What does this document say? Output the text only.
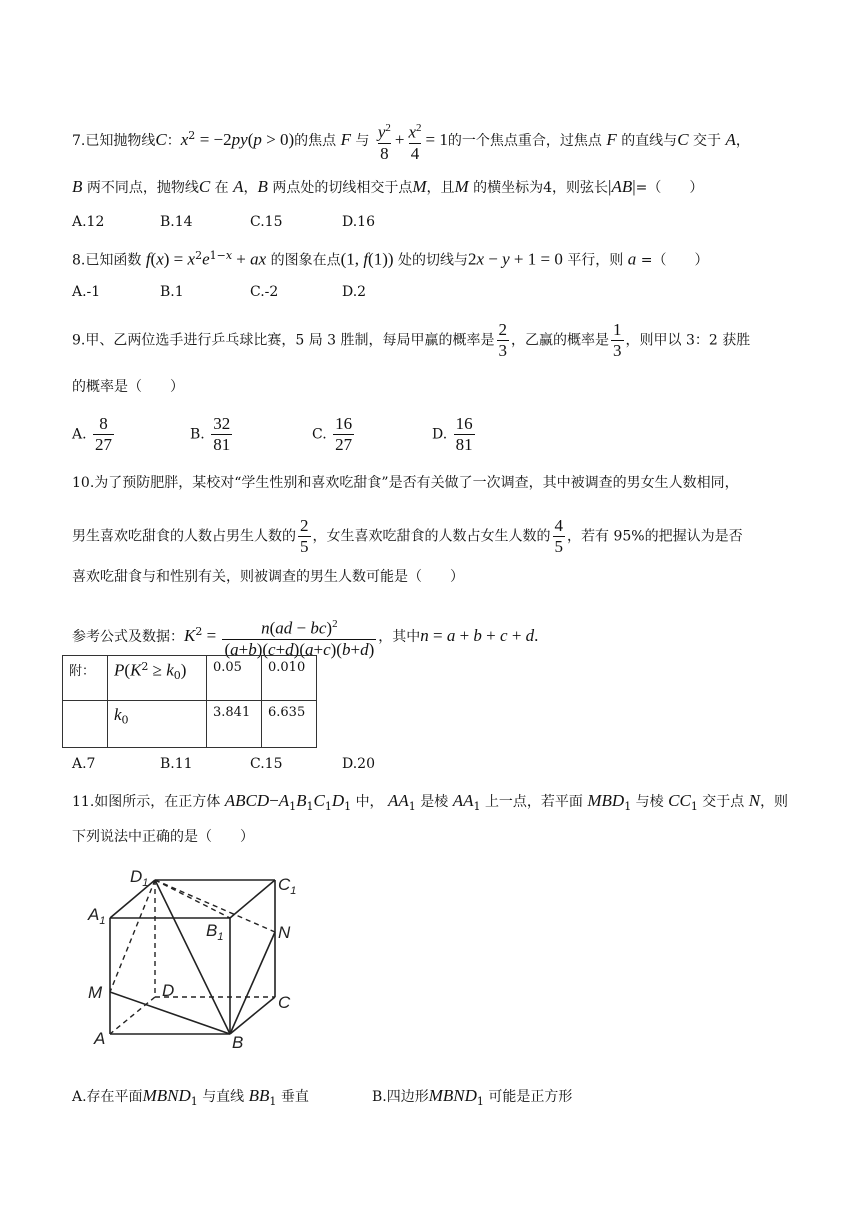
7.已知抛物线C：$x^2 = -2py(p > 0)$的焦点 F 与 $\frac{y^2}{8} + \frac{x^2}{4} = 1$的一个焦点重合，过焦点 F 的直线与C 交于 A，
B 两不同点，抛物线C 在 A，B 两点处的切线相交于点M，且M 的横坐标为4，则弦长|AB|=（　　）
A.12	B.14	C.15	D.16
8.已知函数 $f(x) = x^2e^{1-x}$ + ax 的图象在点(1, f(1)) 处的切线与2x − y + 1 = 0 平行，则 a =（　　）
A.-1	B.1	C.-2	D.2
9.甲、乙两位选手进行乒乓球比赛，5 局 3 胜制，每局甲赢的概率是 $\frac{2}{3}$ ，乙赢的概率是 $\frac{1}{3}$ ，则甲以 3：2 获胜
的概率是（　　）
A. $\frac{8}{27}$	B. $\frac{32}{81}$	C. $\frac{16}{27}$	D. $\frac{16}{81}$
10.为了预防肥胖，某校对“学生性别和喜欢吃甜食”是否有关做了一次调查，其中被调查的男女生人数相同，
男生喜欢吃甜食的人数占男生人数的 $\frac{2}{5}$ ，女生喜欢吃甜食的人数占女生人数的 $\frac{4}{5}$ ，若有 95%的把握认为是否
喜欢吃甜食与和性别有关，则被调查的男生人数可能是（　　）
参考公式及数据：$K^2 = \frac{n(ad - bc)^2}{(a+b)(c+d)(a+c)(b+d)}$ ，其中n = a + b + c + d.
附：	$P(K^2 \ge k_0)$	0.05	0.010
	$k_0$	3.841	6.635
A.7	B.11	C.15	D.20
11.如图所示，在正方体 $ABCD-A_1B_1C_1D_1$ 中， $AA_1$ 是棱 $AA_1$ 上一点，若平面 $MBD_1$ 与棱 $CC_1$ 交于点 N，则
下列说法中正确的是（　　）
$D_1$	$C_1$
$A_1$	$B_1$	N
M	D
C
A	B
A.存在平面$MBND_1$ 与直线 $BB_1$ 垂直	B.四边形$MBND_1$ 可能是正方形
